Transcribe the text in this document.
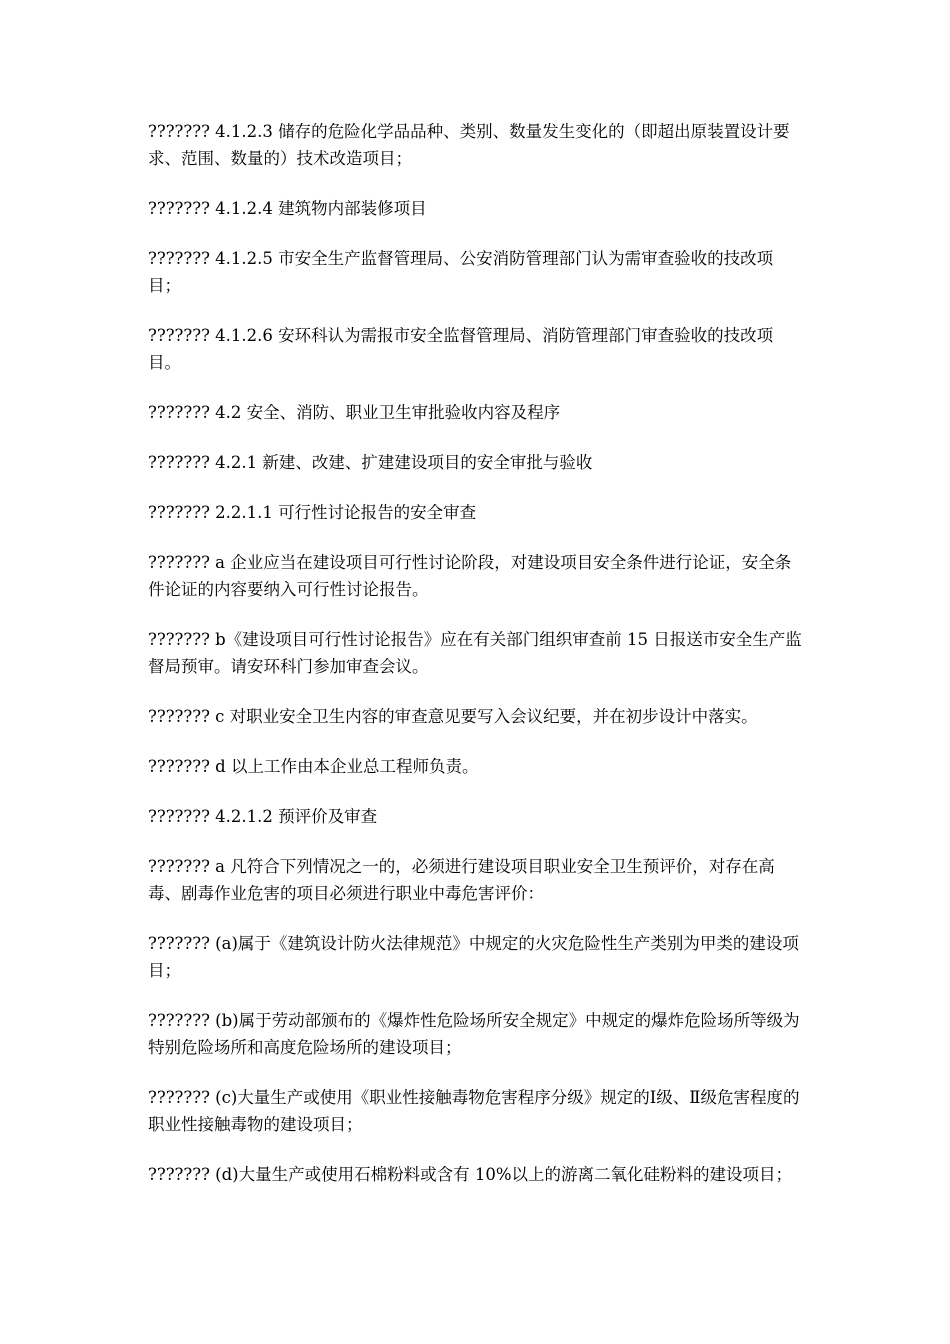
??????? 4.1.2.3 储存的危险化学品品种、类别、数量发生变化的（即超出原装置设计要求、范围、数量的）技术改造项目；

??????? 4.1.2.4 建筑物内部装修项目

??????? 4.1.2.5 市安全生产监督管理局、公安消防管理部门认为需审查验收的技改项目；

??????? 4.1.2.6 安环科认为需报市安全监督管理局、消防管理部门审查验收的技改项目。

??????? 4.2 安全、消防、职业卫生审批验收内容及程序

??????? 4.2.1 新建、改建、扩建建设项目的安全审批与验收

??????? 2.2.1.1 可行性讨论报告的安全审查

??????? a 企业应当在建设项目可行性讨论阶段，对建设项目安全条件进行论证，安全条件论证的内容要纳入可行性讨论报告。

??????? b《建设项目可行性讨论报告》应在有关部门组织审查前 15 日报送市安全生产监督局预审。请安环科门参加审查会议。

??????? c 对职业安全卫生内容的审查意见要写入会议纪要，并在初步设计中落实。

??????? d 以上工作由本企业总工程师负责。

??????? 4.2.1.2 预评价及审查

??????? a 凡符合下列情况之一的，必须进行建设项目职业安全卫生预评价，对存在高毒、剧毒作业危害的项目必须进行职业中毒危害评价：

??????? (a)属于《建筑设计防火法律规范》中规定的火灾危险性生产类别为甲类的建设项目；

??????? (b)属于劳动部颁布的《爆炸性危险场所安全规定》中规定的爆炸危险场所等级为特别危险场所和高度危险场所的建设项目；

??????? (c)大量生产或使用《职业性接触毒物危害程序分级》规定的Ⅰ级、Ⅱ级危害程度的职业性接触毒物的建设项目；

??????? (d)大量生产或使用石棉粉料或含有 10%以上的游离二氧化硅粉料的建设项目；
